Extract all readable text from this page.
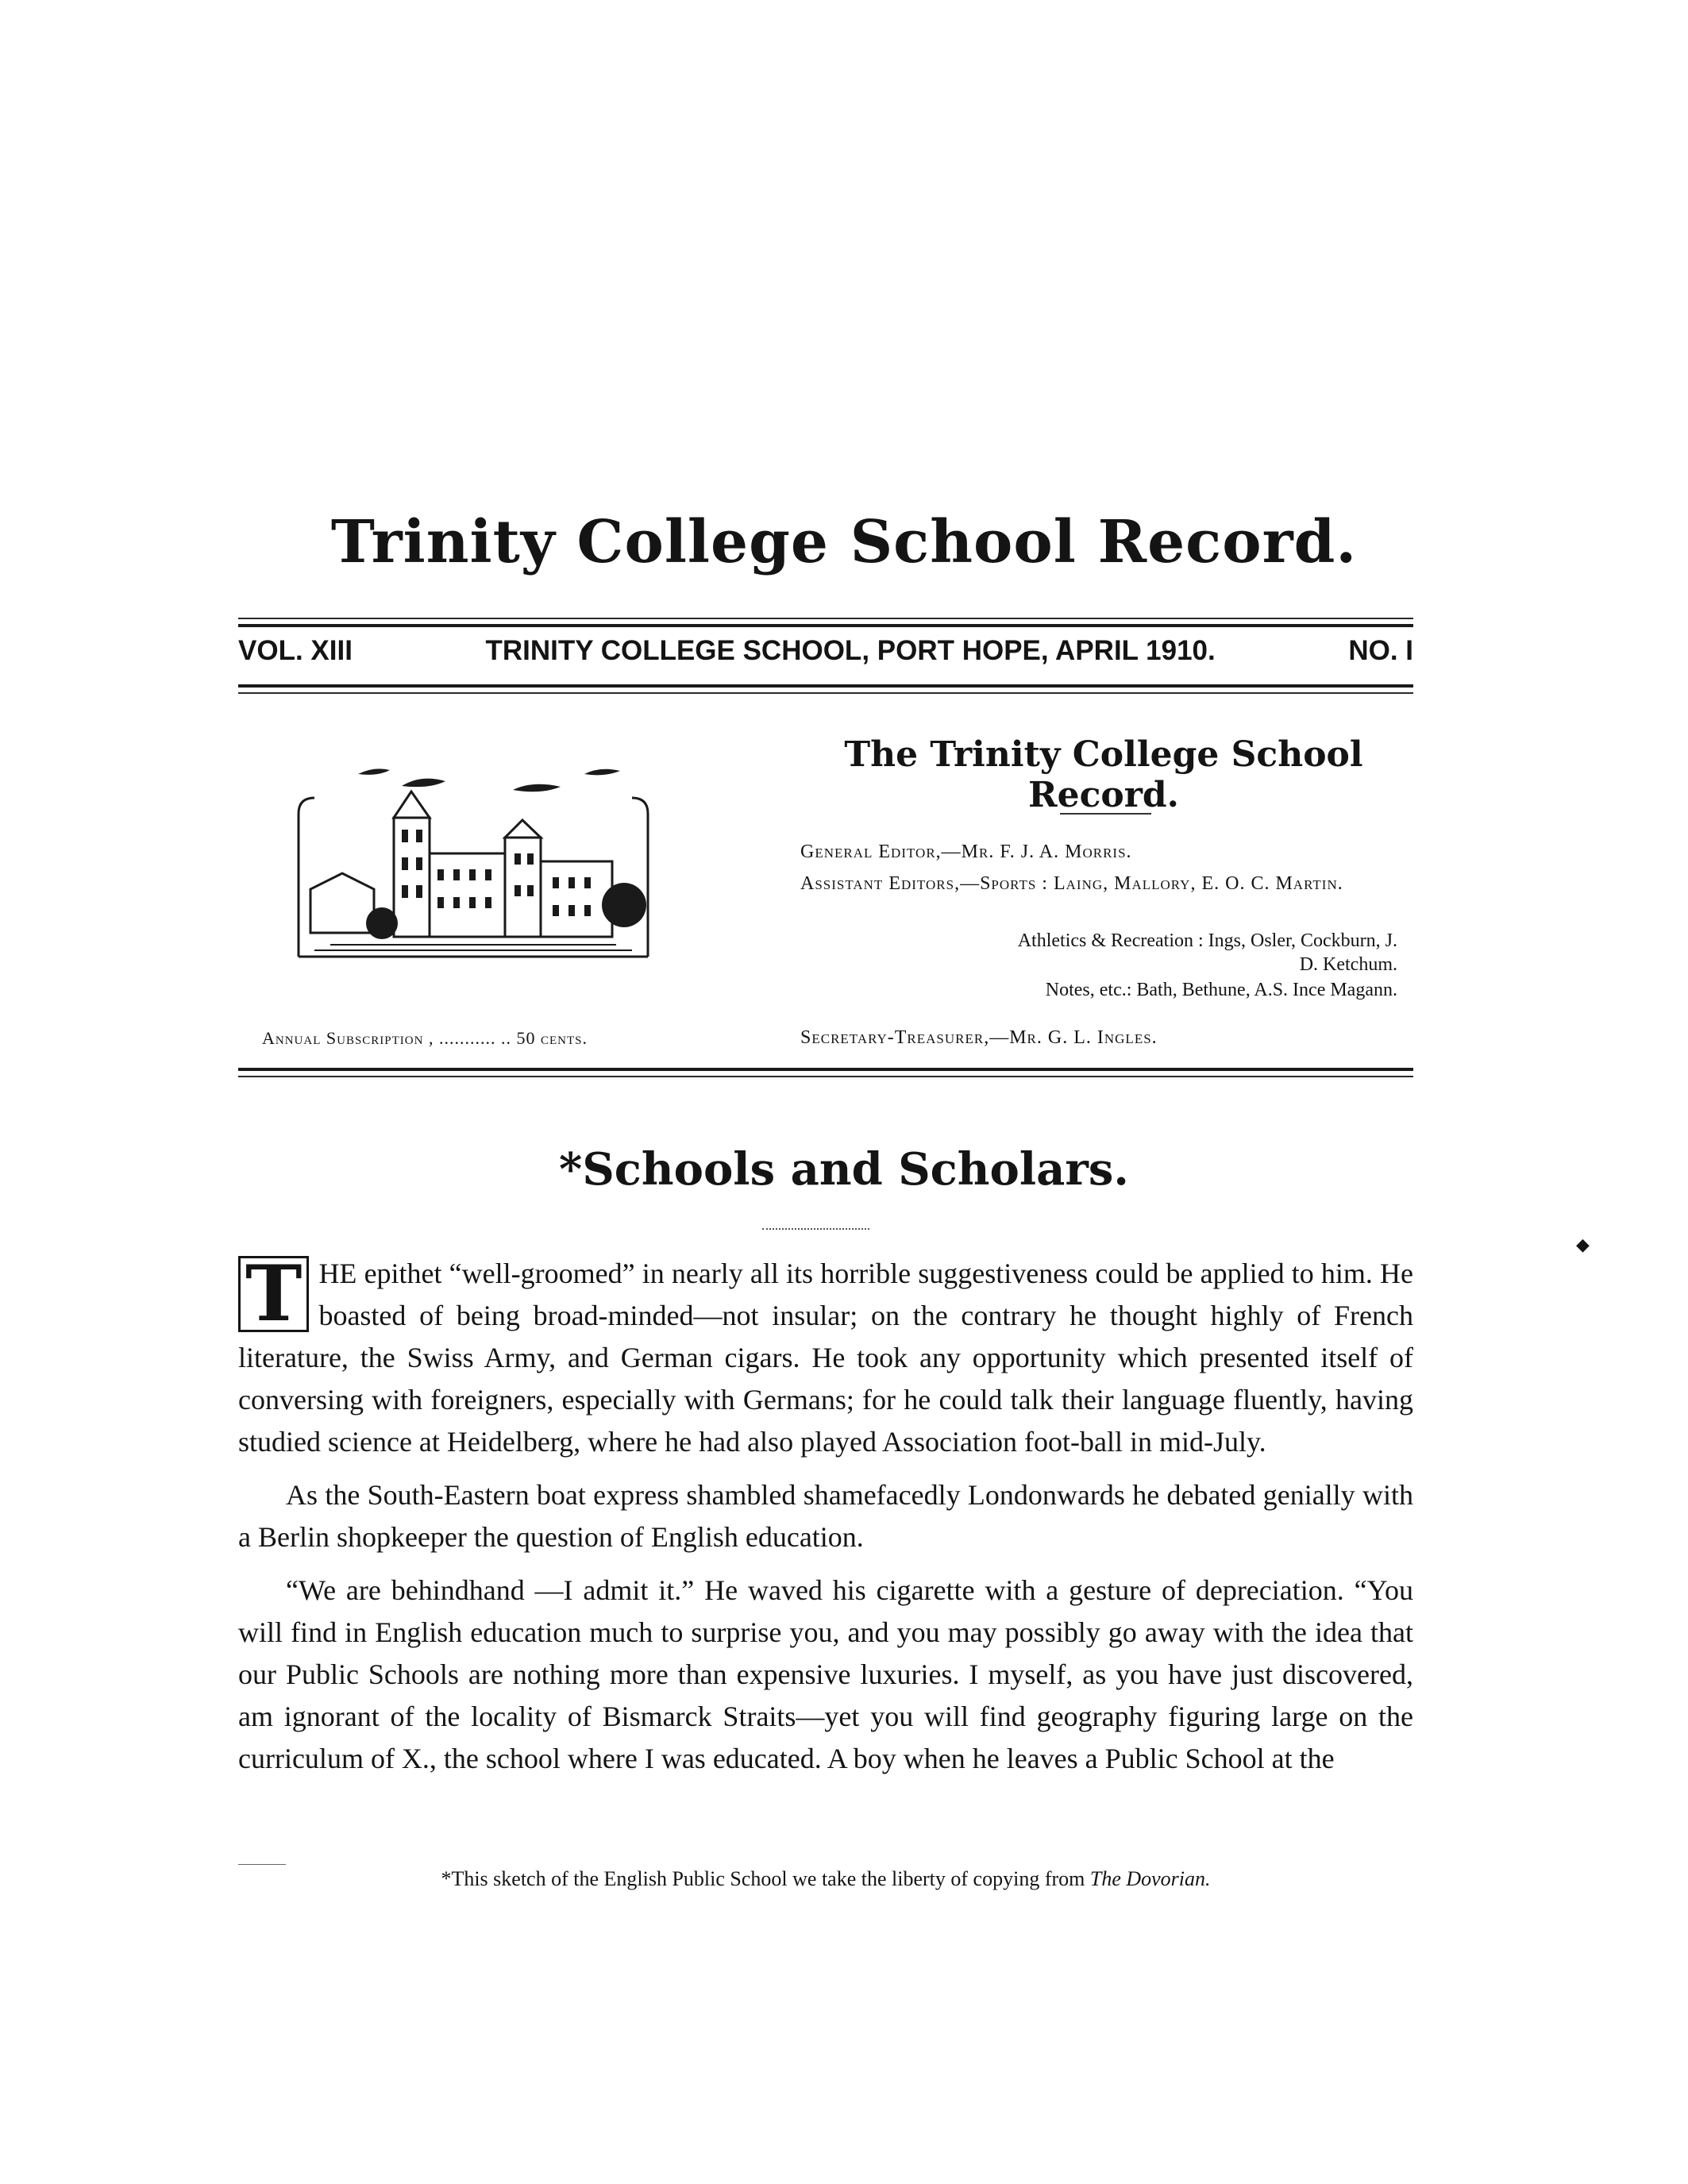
Trinity College School Record.
VOL. XIII	TRINITY COLLEGE SCHOOL, PORT HOPE, APRIL 1910.	NO. I
Annual Subscription , ........... .. 50 cents.
The Trinity College School Record.
General Editor,—Mr. F. J. A. Morris.
Assistant Editors,—Sports : Laing, Mallory, E. O. C. Martin.
Athletics & Recreation : Ings, Osler, Cockburn, J. D. Ketchum.
Notes, etc.: Bath, Bethune, A.S. Ince Magann.
Secretary-Treasurer,—Mr. G. L. Ingles.
*Schools and Scholars.
◆

T HE epithet “well-groomed” in nearly all its horrible suggestiveness could be applied to him. He boasted of being broad-minded—not insular; on the contrary he thought highly of French literature, the Swiss Army, and German cigars. He took any opportunity which presented itself of conversing with foreigners, especially with Germans; for he could talk their language fluently, having studied science at Heidelberg, where he had also played Association foot-ball in mid-July.

As the South-Eastern boat express shambled shamefacedly Londonwards he debated genially with a Berlin shopkeeper the question of English education.

“We are behindhand —I admit it.” He waved his cigarette with a gesture of depreciation. “You will find in English education much to surprise you, and you may possibly go away with the idea that our Public Schools are nothing more than expensive luxuries. I myself, as you have just discovered, am ignorant of the locality of Bismarck Straits—yet you will find geography figuring large on the curriculum of X., the school where I was educated. A boy when he leaves a Public School at the

*This sketch of the English Public School we take the liberty of copying from The Dovorian.
